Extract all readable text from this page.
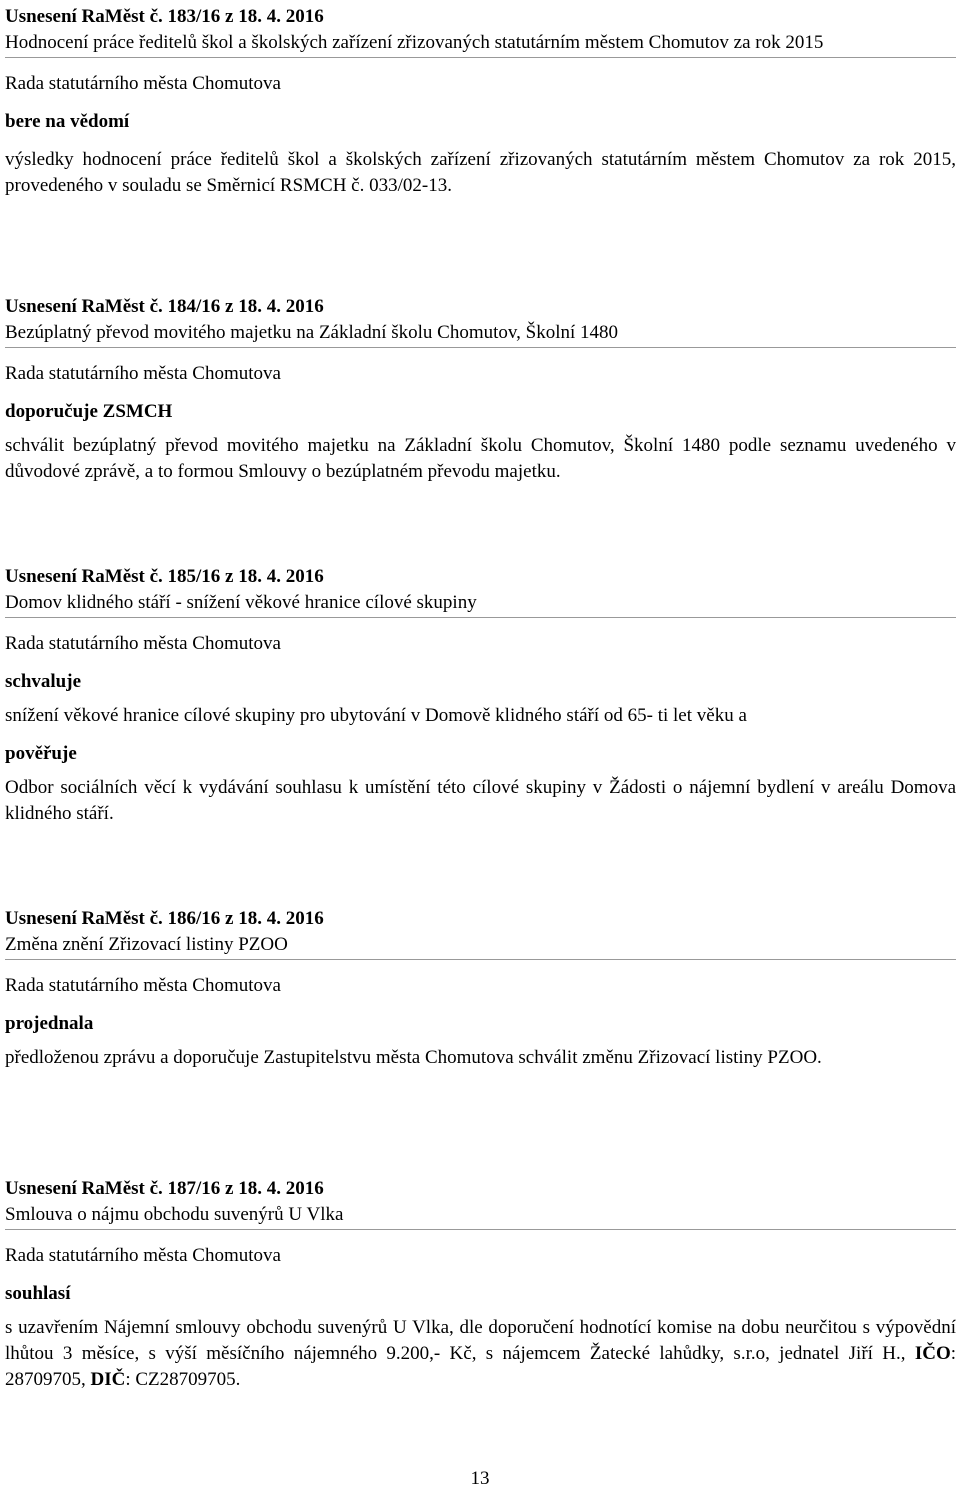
Usnesení RaMěst č. 183/16 z 18. 4. 2016
Hodnocení práce ředitelů škol a školských zařízení zřizovaných statutárním městem Chomutov za rok 2015
Rada statutárního města Chomutova
bere na vědomí
výsledky hodnocení práce ředitelů škol a školských zařízení zřizovaných statutárním městem Chomutov za rok 2015, provedeného v souladu se Směrnicí RSMCH č. 033/02-13.
Usnesení RaMěst č. 184/16 z 18. 4. 2016
Bezúplatný převod movitého majetku na Základní školu Chomutov, Školní 1480
Rada statutárního města Chomutova
doporučuje ZSMCH
schválit bezúplatný převod movitého majetku na Základní školu Chomutov, Školní 1480 podle seznamu uvedeného v důvodové zprávě, a to formou Smlouvy o bezúplatném převodu majetku.
Usnesení RaMěst č. 185/16 z 18. 4. 2016
Domov klidného stáří - snížení věkové hranice cílové skupiny
Rada statutárního města Chomutova
schvaluje
snížení věkové hranice cílové skupiny pro ubytování v Domově klidného stáří od 65- ti let věku a
pověřuje
Odbor sociálních věcí k vydávání souhlasu k umístění této cílové skupiny v Žádosti o nájemní bydlení v areálu Domova klidného stáří.
Usnesení RaMěst č. 186/16 z 18. 4. 2016
Změna znění Zřizovací listiny PZOO
Rada statutárního města Chomutova
projednala
předloženou zprávu a doporučuje Zastupitelstvu města Chomutova schválit změnu Zřizovací listiny PZOO.
Usnesení RaMěst č. 187/16 z 18. 4. 2016
Smlouva o nájmu obchodu suvenýrů U Vlka
Rada statutárního města Chomutova
souhlasí
s uzavřením Nájemní smlouvy obchodu suvenýrů U Vlka, dle doporučení hodnotící komise na dobu neurčitou s výpovědní lhůtou 3 měsíce, s výší měsíčního nájemného 9.200,- Kč, s nájemcem Žatecké lahůdky, s.r.o, jednatel Jiří H., IČO: 28709705, DIČ: CZ28709705.
13
